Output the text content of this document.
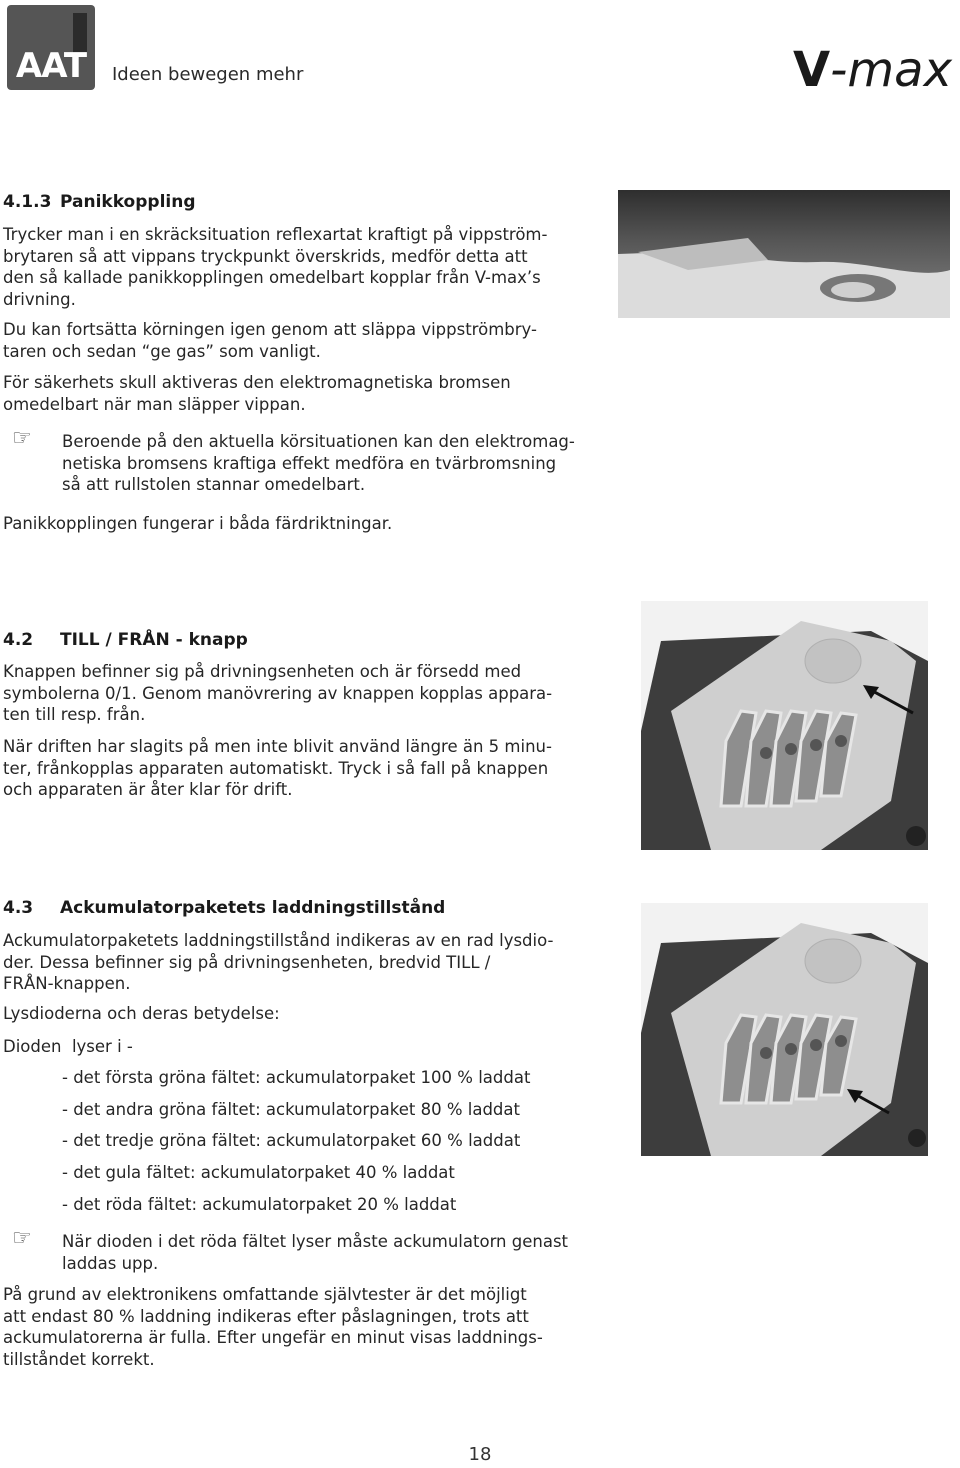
AAT	Ideen bewegen mehr	V-max
4.1.3 Panikkoppling
Trycker man i en skräcksituation reflexartat kraftigt på vippström-
brytaren så att vippans tryckpunkt överskrids, medför detta att
den så kallade panikkopplingen omedelbart kopplar från V-max’s
drivning.
Du kan fortsätta körningen igen genom att släppa vippströmbry-
taren och sedan “ge gas” som vanligt.
För säkerhets skull aktiveras den elektromagnetiska bromsen
omedelbart när man släpper vippan.
☞ Beroende på den aktuella körsituationen kan den elektromag-
netiska bromsens kraftiga effekt medföra en tvärbromsning
så att rullstolen stannar omedelbart.
Panikkopplingen fungerar i båda färdriktningar.
4.2 TILL / FRÅN - knapp
Knappen befinner sig på drivningsenheten och är försedd med
symbolerna 0/1. Genom manövrering av knappen kopplas appara-
ten till resp. från.
När driften har slagits på men inte blivit använd längre än 5 minu-
ter, frånkopplas apparaten automatiskt. Tryck i så fall på knappen
och apparaten är åter klar för drift.
4.3 Ackumulatorpaketets laddningstillstånd
Ackumulatorpaketets laddningstillstånd indikeras av en rad lysdio-
der. Dessa befinner sig på drivningsenheten, bredvid TILL /
FRÅN-knappen.
Lysdioderna och deras betydelse:
Dioden  lyser i -
- det första gröna fältet: ackumulatorpaket 100 % laddat
- det andra gröna fältet: ackumulatorpaket 80 % laddat
- det tredje gröna fältet: ackumulatorpaket 60 % laddat
- det gula fältet: ackumulatorpaket 40 % laddat
- det röda fältet: ackumulatorpaket 20 % laddat
☞ När dioden i det röda fältet lyser måste ackumulatorn genast
laddas upp.
På grund av elektronikens omfattande självtester är det möjligt
att endast 80 % laddning indikeras efter påslagningen, trots att
ackumulatorerna är fulla. Efter ungefär en minut visas laddnings-
tillståndet korrekt.
18
